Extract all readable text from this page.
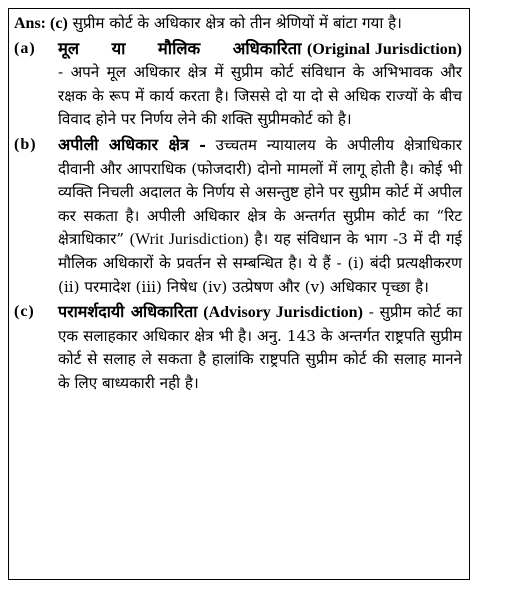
Ans: (c) सुप्रीम कोर्ट के अधिकार क्षेत्र को तीन श्रेणियों में बांटा गया है।

(a)	मूल या मौलिक अधिकारिता (Original Jurisdiction) - अपने मूल अधिकार क्षेत्र में सुप्रीम कोर्ट संविधान के अभिभावक और रक्षक के रूप में कार्य करता है। जिससे दो या दो से अधिक राज्यों के बीच विवाद होने पर निर्णय लेने की शक्ति सुप्रीमकोर्ट को है।
(b)	अपीली अधिकार क्षेत्र - उच्चतम न्यायालय के अपीलीय क्षेत्राधिकार दीवानी और आपराधिक (फोजदारी) दोनो मामलों में लागू होती है। कोई भी व्यक्ति निचली अदालत के निर्णय से असन्तुष्ट होने पर सुप्रीम कोर्ट में अपील कर सकता है। अपीली अधिकार क्षेत्र के अन्तर्गत सुप्रीम कोर्ट का “रिट क्षेत्राधिकार” (Writ Jurisdiction) है। यह संविधान के भाग -3 में दी गई मौलिक अधिकारों के प्रवर्तन से सम्बन्धित है। ये हैं - (i) बंदी प्रत्यक्षीकरण (ii) परमादेश (iii) निषेध (iv) उत्प्रेषण और (v) अधिकार पृच्छा है।
(c)	परामर्शदायी अधिकारिता (Advisory Jurisdiction) - सुप्रीम कोर्ट का एक सलाहकार अधिकार क्षेत्र भी है। अनु. 143 के अन्तर्गत राष्ट्रपति सुप्रीम कोर्ट से सलाह ले सकता है हालांकि राष्ट्रपति सुप्रीम कोर्ट की सलाह मानने के लिए बाध्यकारी नही है।
